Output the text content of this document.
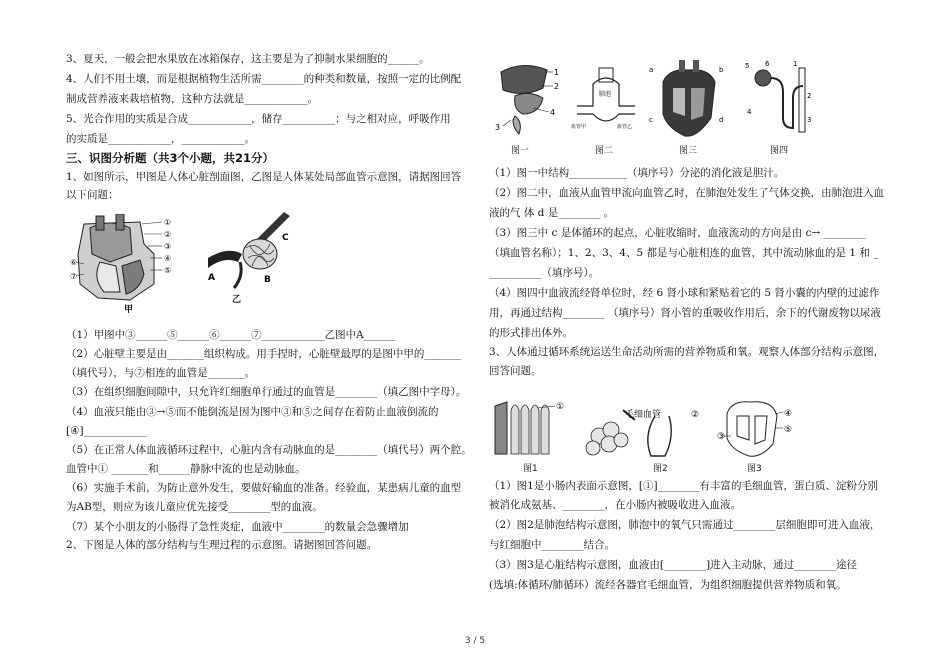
3、夏天，一般会把水果放在冰箱保存，这主要是为了抑制水果细胞的______。
4、人们不用土壤，而是根据植物生活所需________的种类和数量，按照一定的比例配
制成营养液来栽培植物，这种方法就是____________。
5、光合作用的实质是合成____________，储存__________；与之相对应，呼吸作用
的实质是____________，____________。
三、识图分析题（共3个小题，共21分）
1、如图所示，甲图是人体心脏剖面图，乙图是人体某处局部血管示意图，请据图回答
以下问题：
①
②
③
④
⑤
⑥
⑦
甲
A	B
C
乙
（1）甲图中③______⑤______⑥______⑦____________乙图中A______
（2）心脏壁主要是由_______组织构成。用手捏时，心脏壁最厚的是图中甲的_______
（填代号），与⑦相连的血管是_______。
（3）在组织细胞间隙中，只允许红细胞单行通过的血管是________（填乙图中字母）。
（4）血液只能由③→⑤而不能倒流是因为图中③和⑤之间存在着防止血液倒流的
[④]____________
（5）在正常人体血液循环过程中，心脏内含有动脉血的是________（填代号）两个腔。
血管中① _______和______静脉中流的也是动脉血。
（6）实施手术前，为防止意外发生，要做好输血的准备。经验血，某患病儿童的血型
为AB型，则应为该儿童应优先接受________型的血液。
（7）某个小朋友的小肠得了急性炎症，血液中________的数量会急骤增加
2、下图是人体的部分结构与生理过程的示意图。请据图回答问题。
1
2
3
4
肺泡
血管甲	血管乙
a	b
c	d
5 6
4
1
2
3
图一	图二	图三	图四
（1）图一中结构___________（填序号）分泌的消化液是胆汁。
（2）图二中，血液从血管甲流向血管乙时，在肺泡处发生了气体交换，由肺泡进入血
液的气 体 d 是________ 。
（3）图三中 c 是体循环的起点，心脏收缩时，血液流动的方向是由 c→ ________
（填血管名称）；1、2、3、4、5 都是与心脏相连的血管，其中流动脉血的是 1 和 _
__________（填序号）。
（4）图四中血液流经肾单位时，经 6 肾小球和紧贴着它的 5 肾小囊的内壁的过滤作
用，再通过结构________ （填序号）肾小管的重吸收作用后，余下的代谢废物以尿液
的形式排出体外。
3、人体通过循环系统运送生命活动所需的营养物质和氧。观察人体部分结构示意图，
回答问题。
①
毛细血管	②	④
⑤
③
图1	图2	图3
（1）图1是小肠内表面示意图，[①]________有丰富的毛细血管，蛋白质、淀粉分别
被消化成氨基、________，在小肠内被吸收进入血液。
（2）图2是肺泡结构示意图，肺泡中的氧气只需通过________层细胞即可进入血液，
与红细胞中________结合。
（3）图3是心脏结构示意图，血液由[________]进入主动脉，通过________途径
(选填:体循环/肺循环）流经各器官毛细血管，为组织细胞提供营养物质和氧。
3 / 5
